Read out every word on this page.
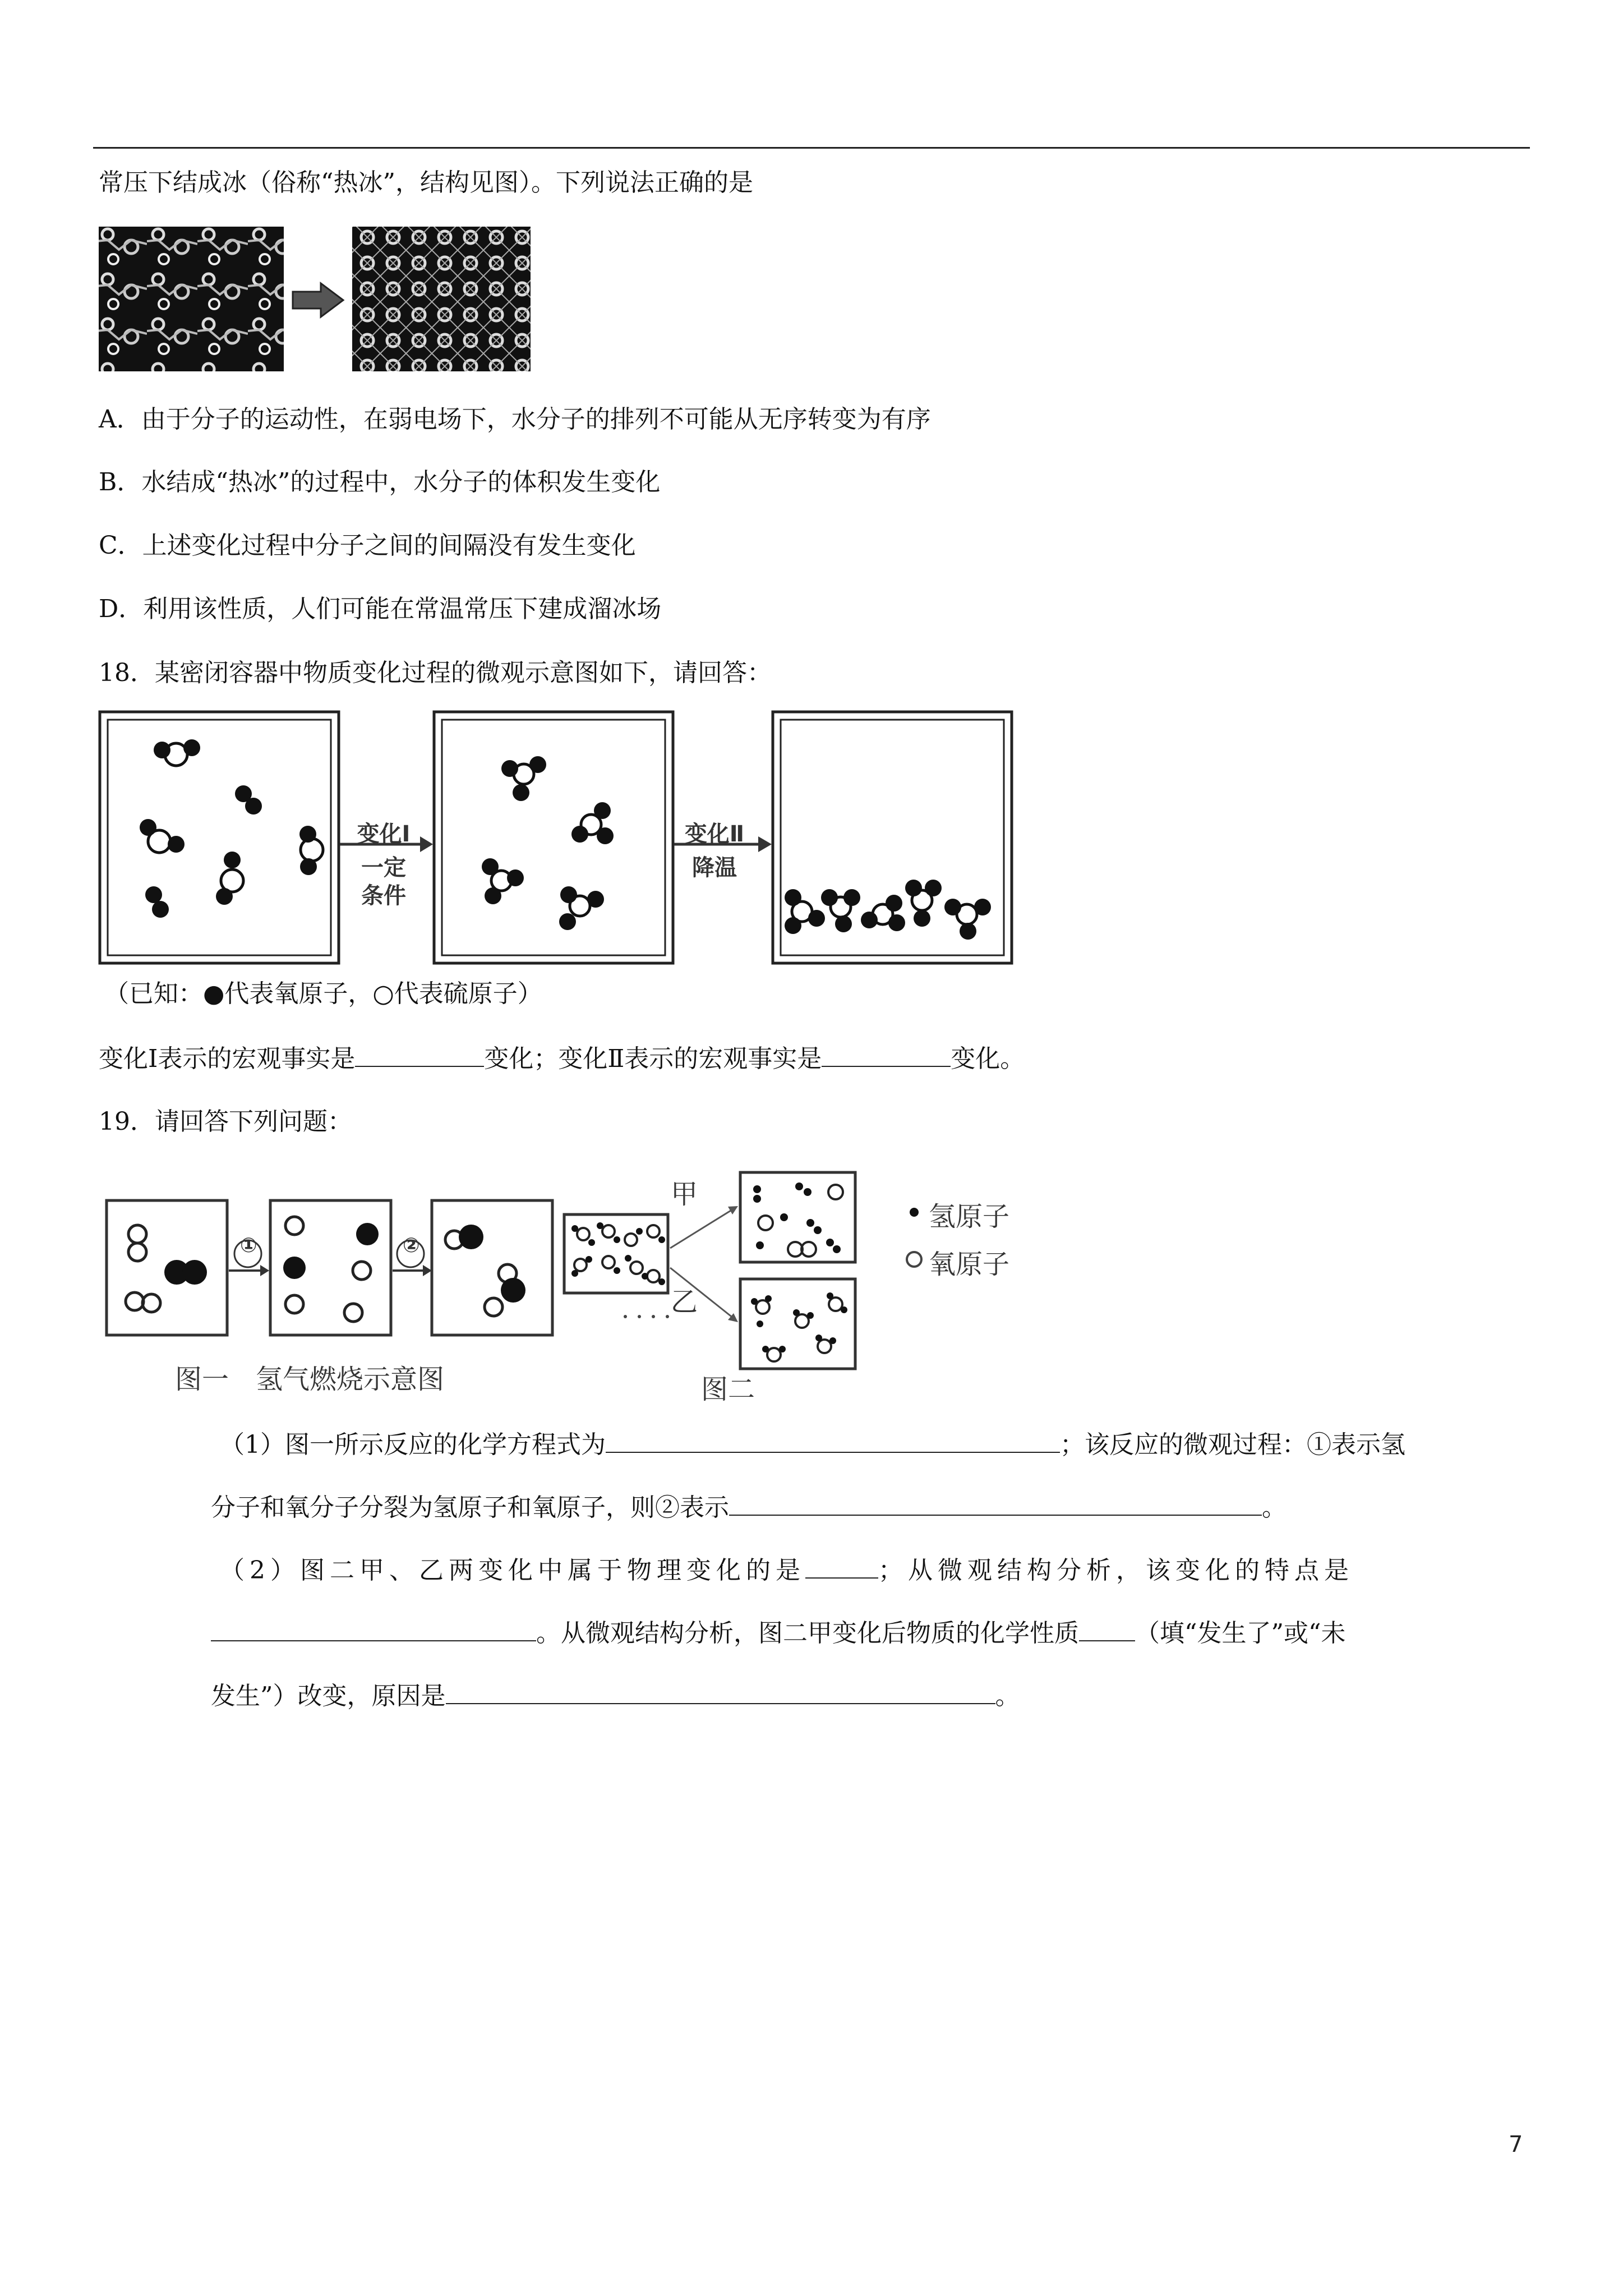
常压下结成冰（俗称“热冰”，结构见图）。下列说法正确的是
A．由于分子的运动性，在弱电场下，水分子的排列不可能从无序转变为有序
B．水结成“热冰”的过程中，水分子的体积发生变化
C．上述变化过程中分子之间的间隔没有发生变化
D．利用该性质，人们可能在常温常压下建成溜冰场
18．某密闭容器中物质变化过程的微观示意图如下，请回答：
变化Ⅰ
一定
条件
变化Ⅱ
降温
（已知：●代表氧原子，○代表硫原子）
变化Ⅰ表示的宏观事实是	变化；变化Ⅱ表示的宏观事实是	变化。
19．请回答下列问题：
①	②
甲
乙
氢原子
氧原子
图一　氢气燃烧示意图	图二
（1）图一所示反应的化学方程式为	；该反应的微观过程：①表示氢
分子和氧分子分裂为氢原子和氧原子，则②表示	。
（2）图二甲、乙两变化中属于物理变化的是	；从微观结构分析，该变化的特点是
。从微观结构分析，图二甲变化后物质的化学性质 （填“发生了”或“未
发生”）改变，原因是	。
7
